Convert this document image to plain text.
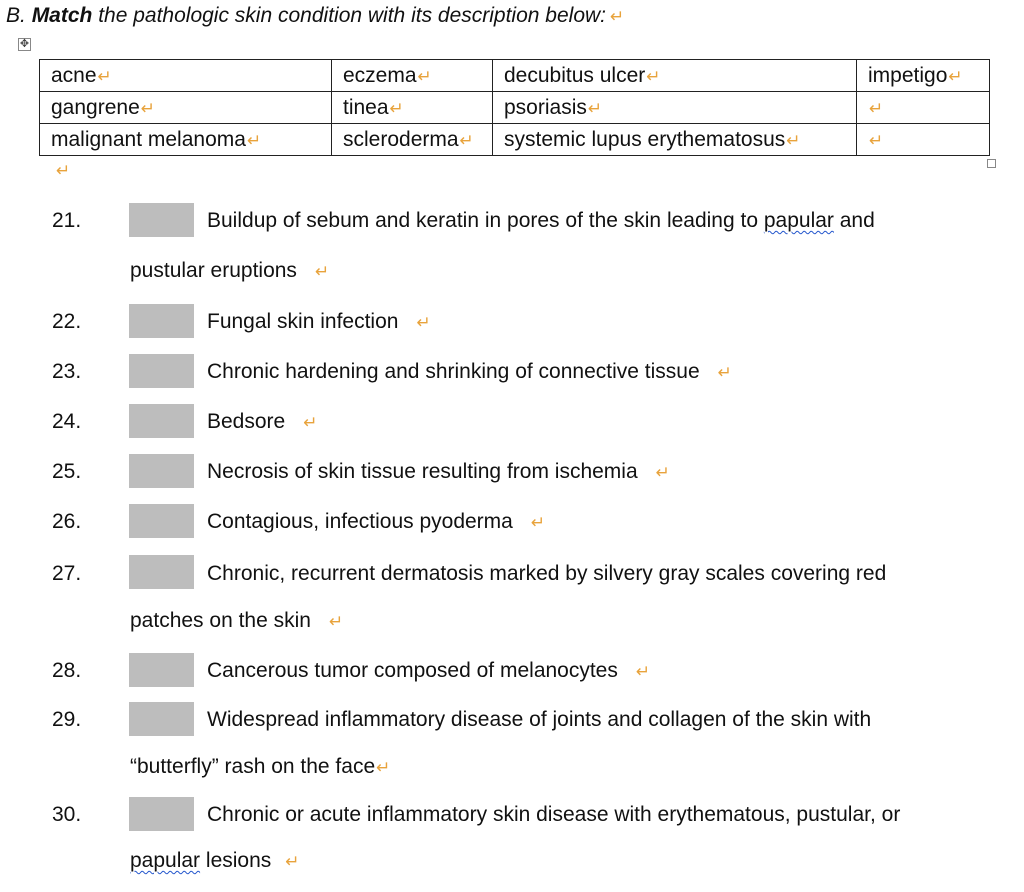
B. Match the pathologic skin condition with its description below: ↵
✥
acne↵	eczema↵	decubitus ulcer↵	impetigo↵
gangrene↵	tinea↵	psoriasis↵	↵
malignant melanoma↵	scleroderma↵	systemic lupus erythematosus↵	↵
↵
21.	Buildup of sebum and keratin in pores of the skin leading to papular and
pustular eruptions ↵
22.	Fungal skin infection ↵
23.	Chronic hardening and shrinking of connective tissue ↵
24.	Bedsore ↵
25.	Necrosis of skin tissue resulting from ischemia ↵
26.	Contagious, infectious pyoderma ↵
27.	Chronic, recurrent dermatosis marked by silvery gray scales covering red
patches on the skin ↵
28.	Cancerous tumor composed of melanocytes ↵
29.	Widespread inflammatory disease of joints and collagen of the skin with
“butterfly” rash on the face↵
30.	Chronic or acute inflammatory skin disease with erythematous, pustular, or
papular lesions ↵
